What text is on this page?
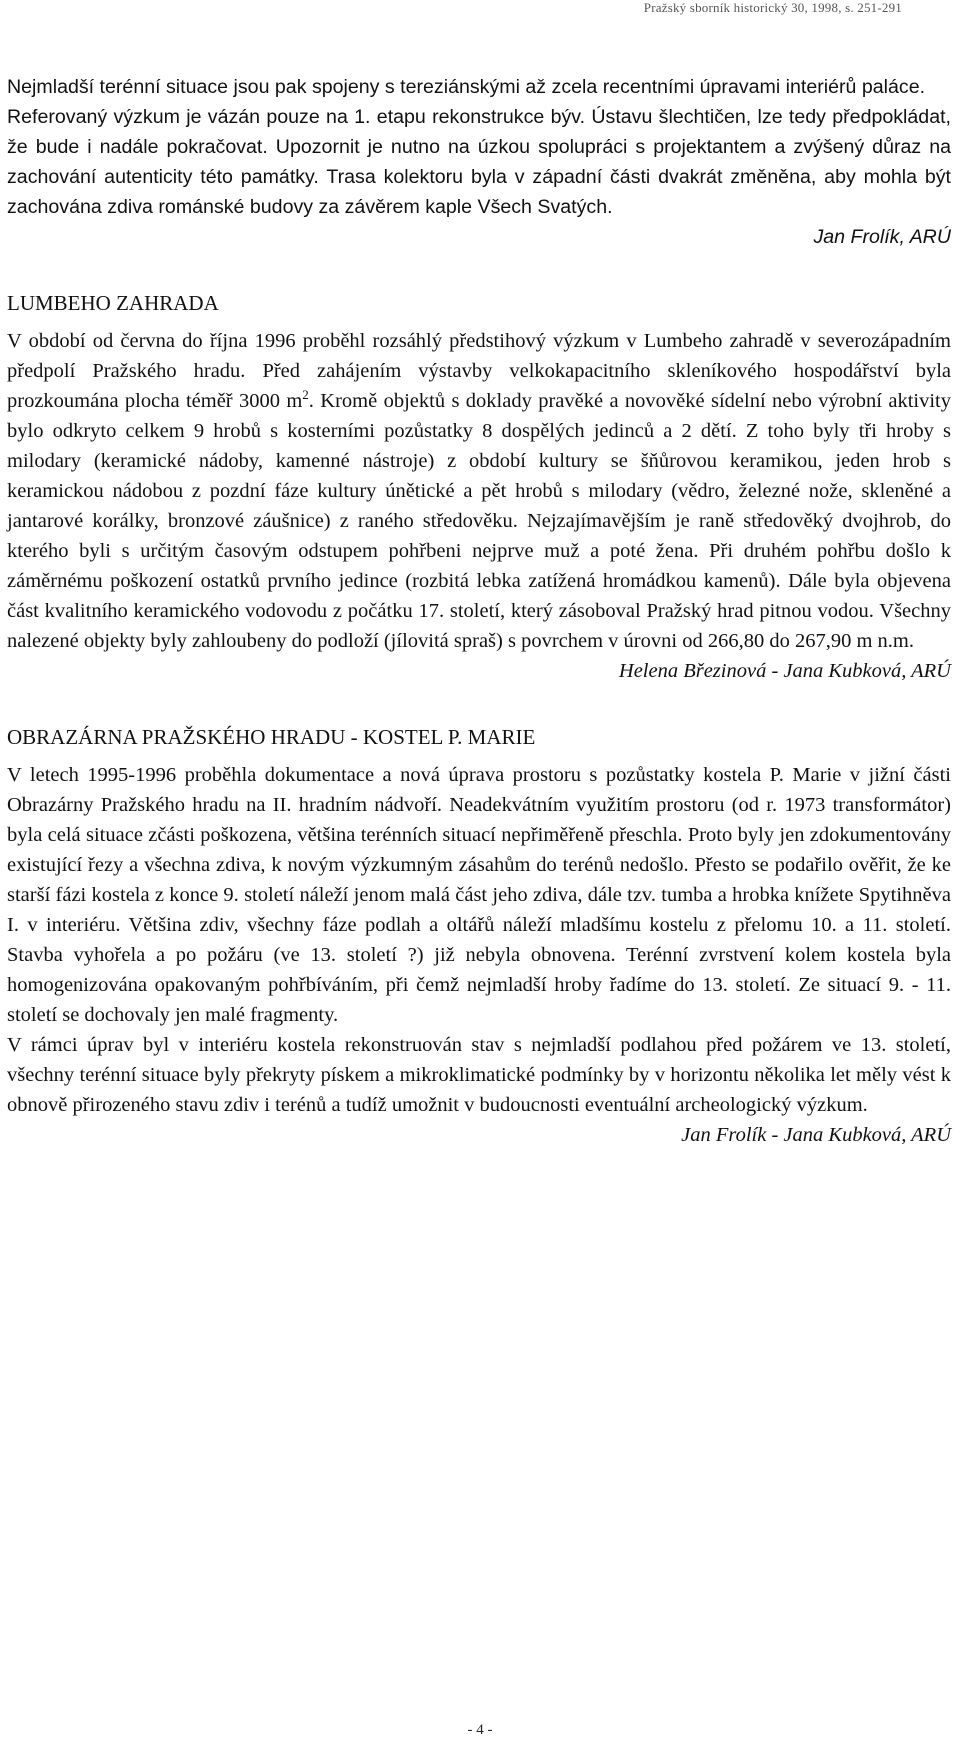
Pražský sborník historický 30, 1998, s. 251-291

Nejmladší terénní situace jsou pak spojeny s tereziánskými až zcela recentními úpravami interiérů paláce.

Referovaný výzkum je vázán pouze na 1. etapu rekonstrukce býv. Ústavu šlechtičen, lze tedy předpokládat, že bude i nadále pokračovat. Upozornit je nutno na úzkou spolupráci s projektantem a zvýšený důraz na zachování autenticity této památky. Trasa kolektoru byla v západní části dvakrát změněna, aby mohla být zachována zdiva románské budovy za závěrem kaple Všech Svatých.

Jan Frolík, ARÚ

LUMBEHO ZAHRADA

V období od června do října 1996 proběhl rozsáhlý předstihový výzkum v Lumbeho zahradě v severozápadním předpolí Pražského hradu. Před zahájením výstavby velkokapacitního skleníkového hospodářství byla prozkoumána plocha téměř 3000 $m^2$. Kromě objektů s doklady pravěké a novověké sídelní nebo výrobní aktivity bylo odkryto celkem 9 hrobů s kosterními pozůstatky 8 dospělých jedinců a 2 dětí. Z toho byly tři hroby s milodary (keramické nádoby, kamenné nástroje) z období kultury se šňůrovou keramikou, jeden hrob s keramickou nádobou z pozdní fáze kultury únětické a pět hrobů s milodary (vědro, železné nože, skleněné a jantarové korálky, bronzové záušnice) z raného středověku. Nejzajímavějším je raně středověký dvojhrob, do kterého byli s určitým časovým odstupem pohřbeni nejprve muž a poté žena. Při druhém pohřbu došlo k záměrnému poškození ostatků prvního jedince (rozbitá lebka zatížená hromádkou kamenů). Dále byla objevena část kvalitního keramického vodovodu z počátku 17. století, který zásoboval Pražský hrad pitnou vodou. Všechny nalezené objekty byly zahloubeny do podloží (jílovitá spraš) s povrchem v úrovni od 266,80 do 267,90 m n.m.

Helena Březinová - Jana Kubková, ARÚ

OBRAZÁRNA PRAŽSKÉHO HRADU - KOSTEL P. MARIE

V letech 1995-1996 proběhla dokumentace a nová úprava prostoru s pozůstatky kostela P. Marie v jižní části Obrazárny Pražského hradu na II. hradním nádvoří. Neadekvátním využitím prostoru (od r. 1973 transformátor) byla celá situace zčásti poškozena, většina terénních situací nepřiměřeně přeschla. Proto byly jen zdokumentovány existující řezy a všechna zdiva, k novým výzkumným zásahům do terénů nedošlo. Přesto se podařilo ověřit, že ke starší fázi kostela z konce 9. století náleží jenom malá část jeho zdiva, dále tzv. tumba a hrobka knížete Spytihněva I. v interiéru. Většina zdiv, všechny fáze podlah a oltářů náleží mladšímu kostelu z přelomu 10. a 11. století. Stavba vyhořela a po požáru (ve 13. století ?) již nebyla obnovena. Terénní zvrstvení kolem kostela byla homogenizována opakovaným pohřbíváním, při čemž nejmladší hroby řadíme do 13. století. Ze situací 9. - 11. století se dochovaly jen malé fragmenty.

V rámci úprav byl v interiéru kostela rekonstruován stav s nejmladší podlahou před požárem ve 13. století, všechny terénní situace byly překryty pískem a mikroklimatické podmínky by v horizontu několika let měly vést k obnově přirozeného stavu zdiv i terénů a tudíž umožnit v budoucnosti eventuální archeologický výzkum.

Jan Frolík - Jana Kubková, ARÚ

- 4 -
